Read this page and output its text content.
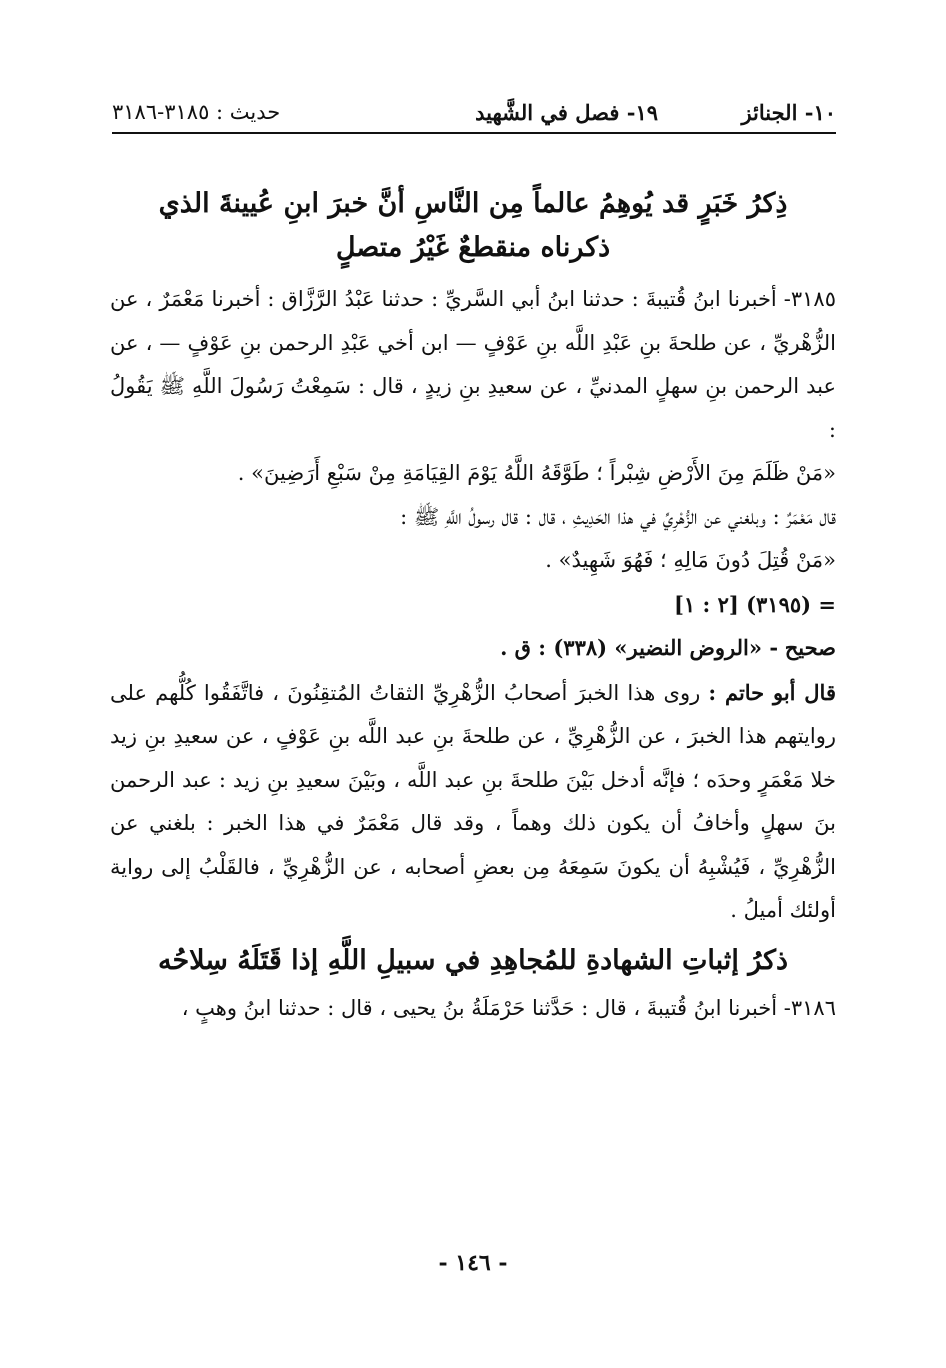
١٠- الجنائز
١٩- فصل في الشَّهيد
حديث : ٣١٨٥-٣١٨٦
ذِكرُ خَبَرٍ قد يُوهِمُ عالماً مِن النَّاسِ أنَّ خبرَ ابنِ عُيينةَ الذي
ذكرناه منقطعٌ غَيْرُ متصلٍ

٣١٨٥- أخبرنا ابنُ قُتيبةَ : حدثنا ابنُ أبي السَّريِّ : حدثنا عَبْدُ الرَّزَّاق : أخبرنا مَعْمَرٌ ، عن الزُّهْريِّ ، عن طلحةَ بنِ عَبْدِ اللَّه بنِ عَوْفٍ — ابن أخي عَبْدِ الرحمن بنِ عَوْفٍ — ، عن عبد الرحمن بنِ سهلٍ المدنيِّ ، عن سعيدِ بنِ زيدٍ ، قال : سَمِعْتُ رَسُولَ اللَّهِ ﷺ يَقُولُ :

«مَنْ ظَلَمَ مِنَ الأَرْضِ شِبْراً ؛ طَوَّقَهُ اللَّهُ يَوْمَ القِيَامَةِ مِنْ سَبْعِ أَرَضِينَ» .

قال مَعْمَرٌ : وبلغني عن الزُّهْرِيِّ في هذا الحَدِيثِ ، قال : قال رسولُ اللَّهِ ﷺ :

«مَنْ قُتِلَ دُونَ مَالِهِ ؛ فَهُوَ شَهِيدٌ» .

= (٣١٩٥) [٢ : ١]

صحيح - «الروض النضير» (٣٣٨) : ق .

قال أبو حاتم : روى هذا الخبرَ أصحابُ الزُّهْرِيِّ الثقاتُ المُتقِنُونَ ، فاتَّفَقُوا كُلُّهم على روايتهم هذا الخبرَ ، عن الزُّهْرِيِّ ، عن طلحةَ بنِ عبد اللَّه بنِ عَوْفٍ ، عن سعيدِ بنِ زيد خلا مَعْمَرٍ وحدَه ؛ فإنَّه أدخل بَيْنَ طلحةَ بنِ عبد اللَّه ، وبَيْنَ سعيدِ بنِ زيد : عبد الرحمن بنَ سهلٍ وأخافُ أن يكون ذلك وهماً ، وقد قال مَعْمَرٌ في هذا الخبر : بلغني عن الزُّهْرِيِّ ، فَيُشْبِهُ أن يكونَ سَمِعَهُ مِن بعضِ أصحابه ، عن الزُّهْرِيِّ ، فالقَلْبُ إلى رواية أولئك أميلُ .

ذكرُ إثباتِ الشهادةِ للمُجاهِدِ في سبيلِ اللَّهِ إذا قَتَلَهُ سِلاحُه

٣١٨٦- أخبرنا ابنُ قُتيبةَ ، قال : حَدَّثنا حَرْمَلَةُ بنُ يحيى ، قال : حدثنا ابنُ وهبٍ ،

- ١٤٦ -
